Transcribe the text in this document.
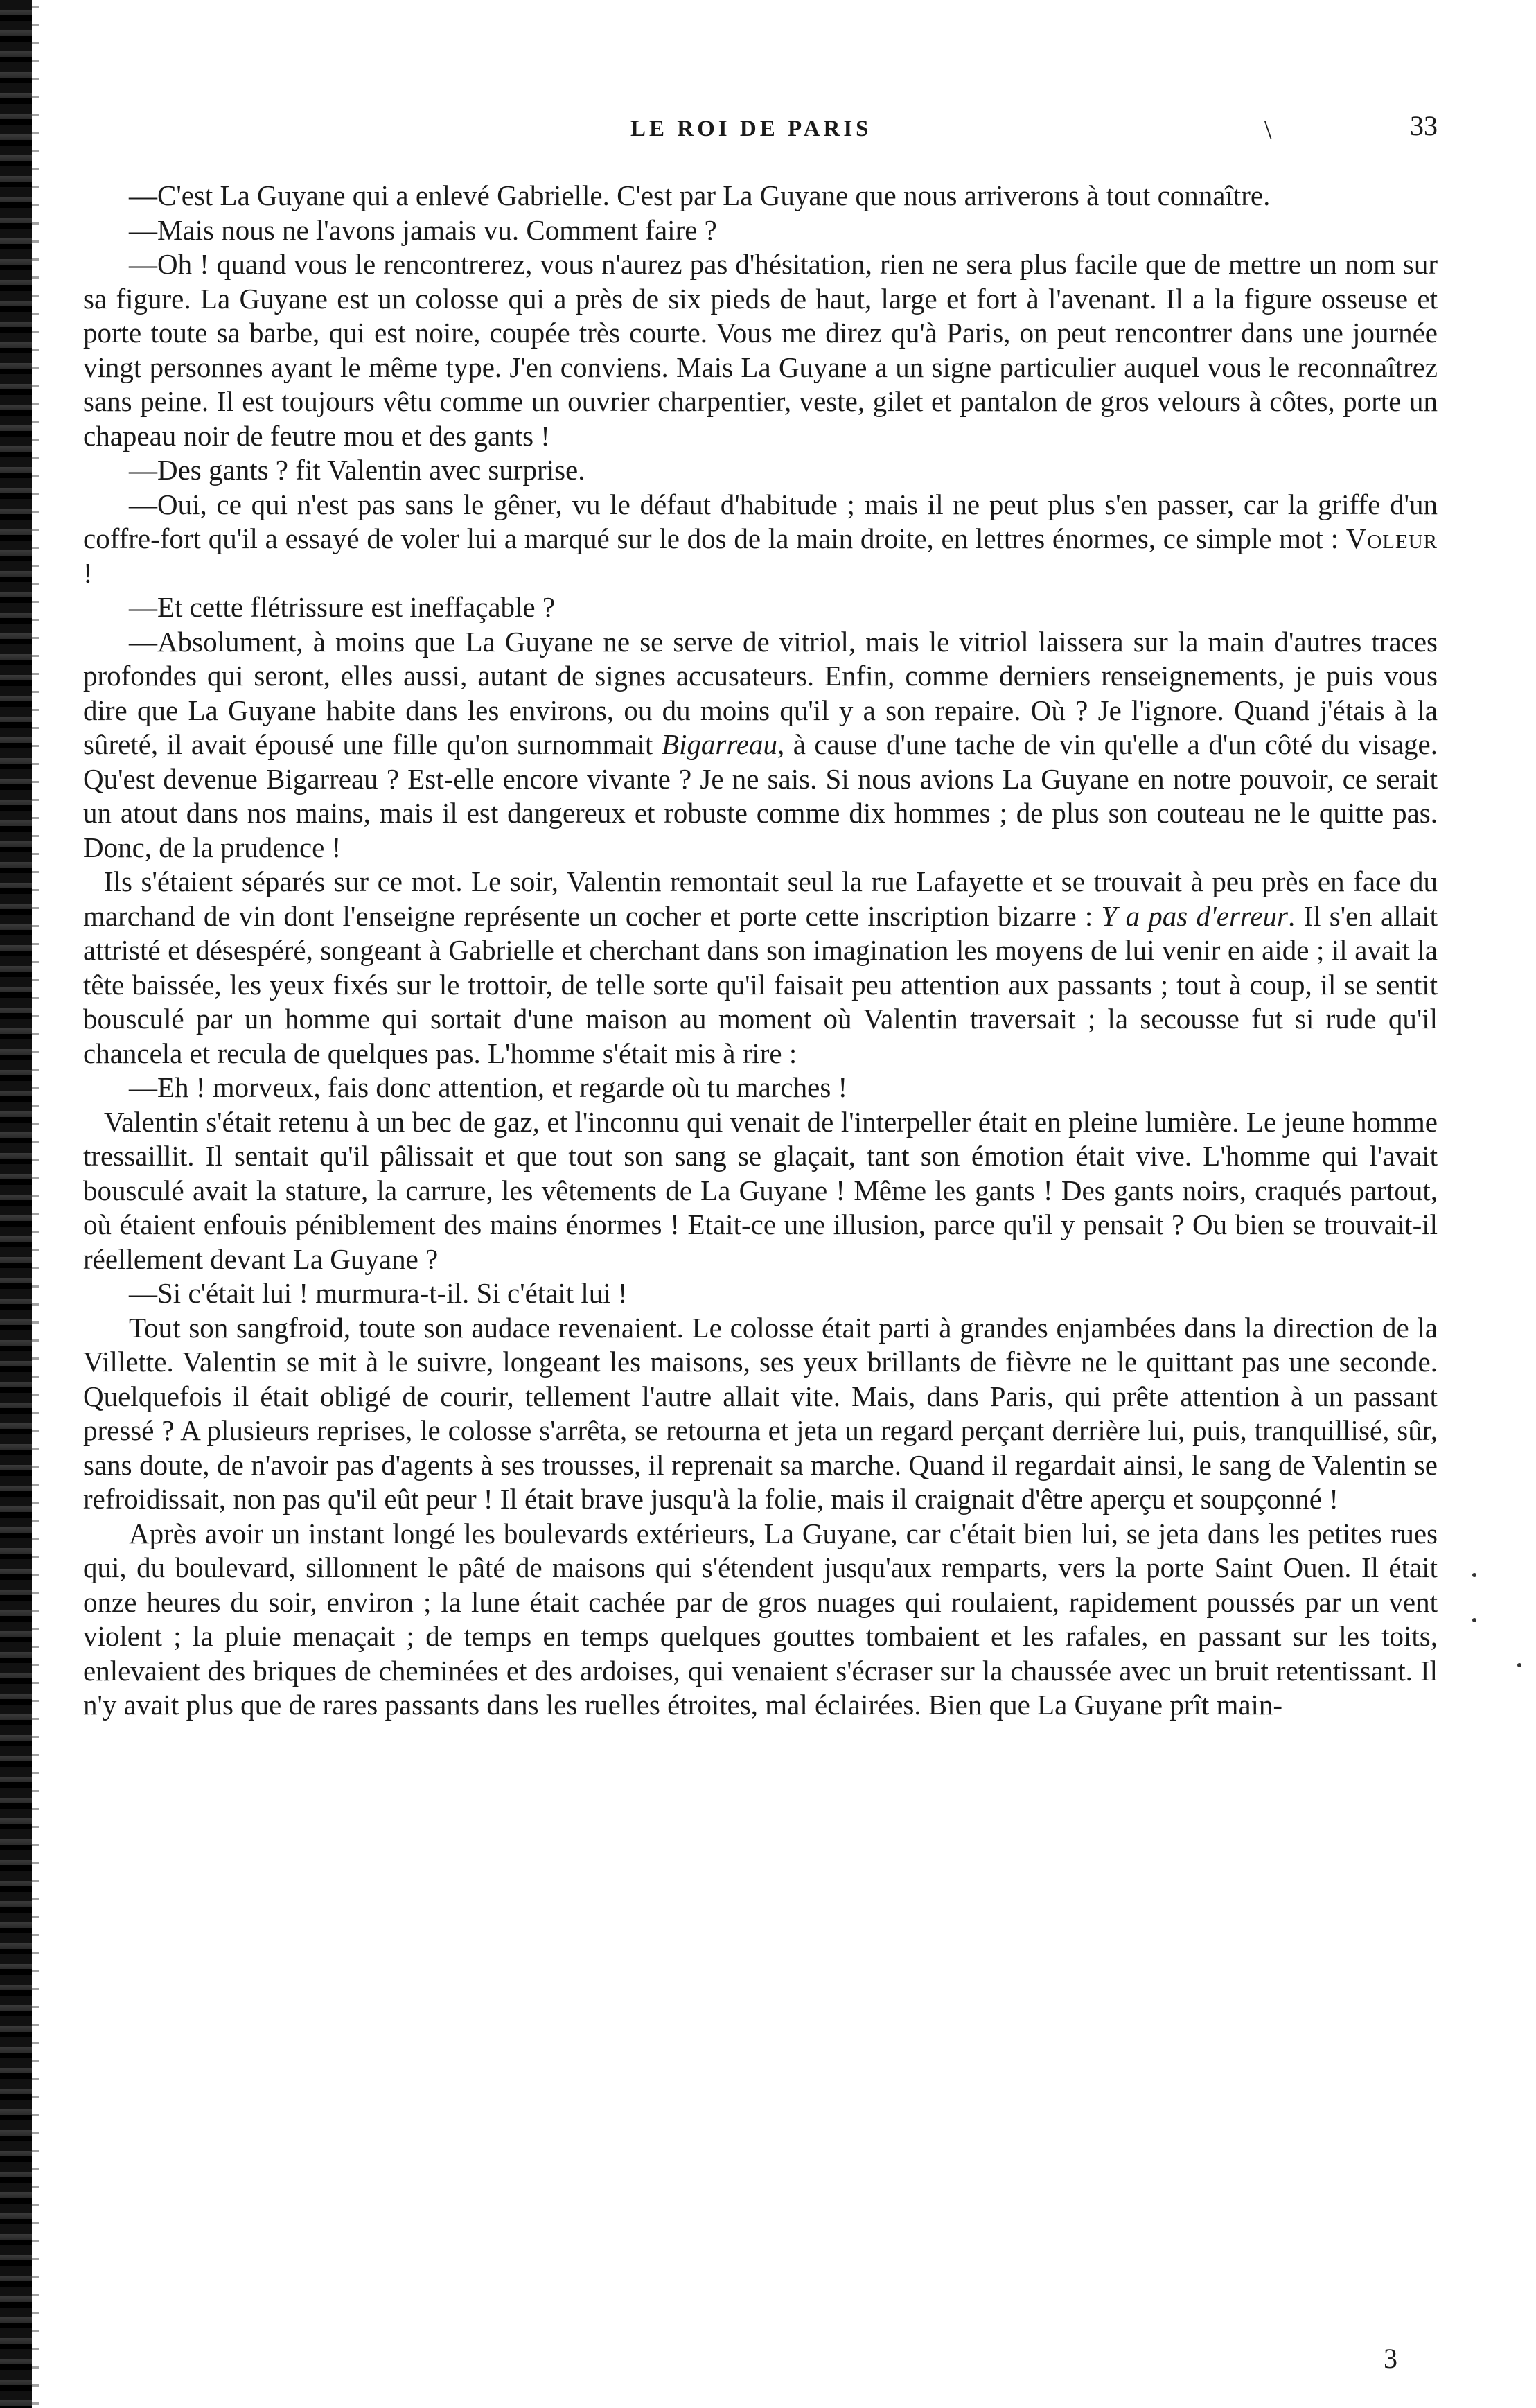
LE ROI DE PARIS	\	33

—C'est La Guyane qui a enlevé Gabrielle. C'est par La Guyane que nous arriverons à tout connaître.

—Mais nous ne l'avons jamais vu. Comment faire ?

—Oh ! quand vous le rencontrerez, vous n'aurez pas d'hésitation, rien ne sera plus facile que de mettre un nom sur sa figure. La Guyane est un colosse qui a près de six pieds de haut, large et fort à l'avenant. Il a la figure osseuse et porte toute sa barbe, qui est noire, coupée très courte. Vous me direz qu'à Paris, on peut rencontrer dans une journée vingt personnes ayant le même type. J'en conviens. Mais La Guyane a un signe particulier auquel vous le reconnaîtrez sans peine. Il est toujours vêtu comme un ouvrier charpentier, veste, gilet et pantalon de gros velours à côtes, porte un chapeau noir de feutre mou et des gants !

—Des gants ? fit Valentin avec surprise.

—Oui, ce qui n'est pas sans le gêner, vu le défaut d'habitude ; mais il ne peut plus s'en passer, car la griffe d'un coffre-fort qu'il a essayé de voler lui a marqué sur le dos de la main droite, en lettres énormes, ce simple mot : Voleur !

—Et cette flétrissure est ineffaçable ?

—Absolument, à moins que La Guyane ne se serve de vitriol, mais le vitriol laissera sur la main d'autres traces profondes qui seront, elles aussi, autant de signes accusateurs. Enfin, comme derniers renseignements, je puis vous dire que La Guyane habite dans les environs, ou du moins qu'il y a son repaire. Où ? Je l'ignore. Quand j'étais à la sûreté, il avait épousé une fille qu'on surnommait Bigarreau, à cause d'une tache de vin qu'elle a d'un côté du visage. Qu'est devenue Bigarreau ? Est-elle encore vivante ? Je ne sais. Si nous avions La Guyane en notre pouvoir, ce serait un atout dans nos mains, mais il est dangereux et robuste comme dix hommes ; de plus son couteau ne le quitte pas. Donc, de la prudence !

Ils s'étaient séparés sur ce mot. Le soir, Valentin remontait seul la rue Lafayette et se trouvait à peu près en face du marchand de vin dont l'enseigne représente un cocher et porte cette inscription bizarre : Y a pas d'erreur. Il s'en allait attristé et désespéré, songeant à Gabrielle et cherchant dans son imagination les moyens de lui venir en aide ; il avait la tête baissée, les yeux fixés sur le trottoir, de telle sorte qu'il faisait peu attention aux passants ; tout à coup, il se sentit bousculé par un homme qui sortait d'une maison au moment où Valentin traversait ; la secousse fut si rude qu'il chancela et recula de quelques pas. L'homme s'était mis à rire :

—Eh ! morveux, fais donc attention, et regarde où tu marches !

Valentin s'était retenu à un bec de gaz, et l'inconnu qui venait de l'interpeller était en pleine lumière. Le jeune homme tressaillit. Il sentait qu'il pâlissait et que tout son sang se glaçait, tant son émotion était vive. L'homme qui l'avait bousculé avait la stature, la carrure, les vêtements de La Guyane ! Même les gants ! Des gants noirs, craqués partout, où étaient enfouis péniblement des mains énormes ! Etait-ce une illusion, parce qu'il y pensait ? Ou bien se trouvait-il réellement devant La Guyane ?

—Si c'était lui ! murmura-t-il. Si c'était lui !

Tout son sangfroid, toute son audace revenaient. Le colosse était parti à grandes enjambées dans la direction de la Villette. Valentin se mit à le suivre, longeant les maisons, ses yeux brillants de fièvre ne le quittant pas une seconde. Quelquefois il était obligé de courir, tellement l'autre allait vite. Mais, dans Paris, qui prête attention à un passant pressé ? A plusieurs reprises, le colosse s'arrêta, se retourna et jeta un regard perçant derrière lui, puis, tranquillisé, sûr, sans doute, de n'avoir pas d'agents à ses trousses, il reprenait sa marche. Quand il regardait ainsi, le sang de Valentin se refroidissait, non pas qu'il eût peur ! Il était brave jusqu'à la folie, mais il craignait d'être aperçu et soupçonné !

Après avoir un instant longé les boulevards extérieurs, La Guyane, car c'était bien lui, se jeta dans les petites rues qui, du boulevard, sillonnent le pâté de maisons qui s'étendent jusqu'aux remparts, vers la porte Saint Ouen. Il était onze heures du soir, environ ; la lune était cachée par de gros nuages qui roulaient, rapidement poussés par un vent violent ; la pluie menaçait ; de temps en temps quelques gouttes tombaient et les rafales, en passant sur les toits, enlevaient des briques de cheminées et des ardoises, qui venaient s'écraser sur la chaussée avec un bruit retentissant. Il n'y avait plus que de rares passants dans les ruelles étroites, mal éclairées. Bien que La Guyane prît main-

3
